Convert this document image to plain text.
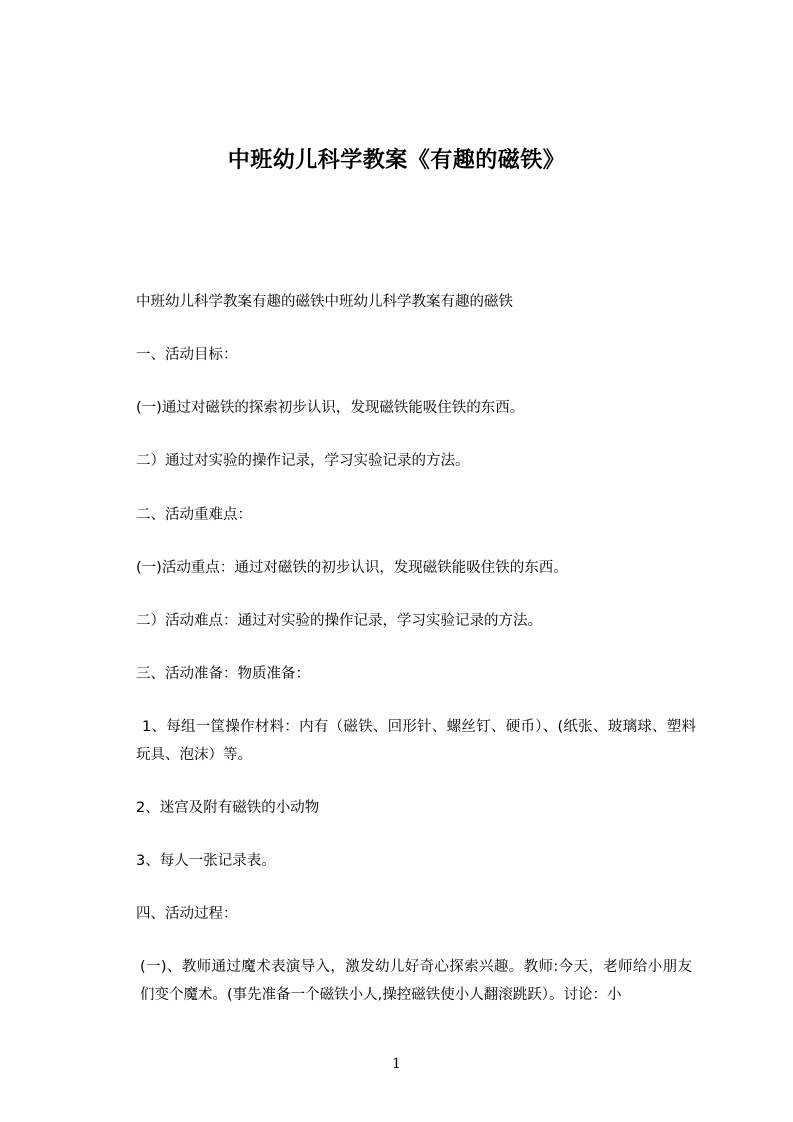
中班幼儿科学教案《有趣的磁铁》

中班幼儿科学教案有趣的磁铁中班幼儿科学教案有趣的磁铁

一、活动目标：

(一)通过对磁铁的探索初步认识，发现磁铁能吸住铁的东西。

二）通过对实验的操作记录，学习实验记录的方法。

二、活动重难点：

(一)活动重点：通过对磁铁的初步认识，发现磁铁能吸住铁的东西。

二）活动难点：通过对实验的操作记录，学习实验记录的方法。

三、活动准备：物质准备：

1、每组一筐操作材料：内有（磁铁、回形针、螺丝钉、硬币）、(纸张、玻璃球、塑料玩具、泡沫）等。

2、迷宫及附有磁铁的小动物

3、每人一张记录表。

四、活动过程：

(一)、教师通过魔术表演导入，激发幼儿好奇心探索兴趣。教师:今天，老师给小朋友们变个魔术。(事先准备一个磁铁小人,操控磁铁使小人翻滚跳跃）。讨论：小

1
